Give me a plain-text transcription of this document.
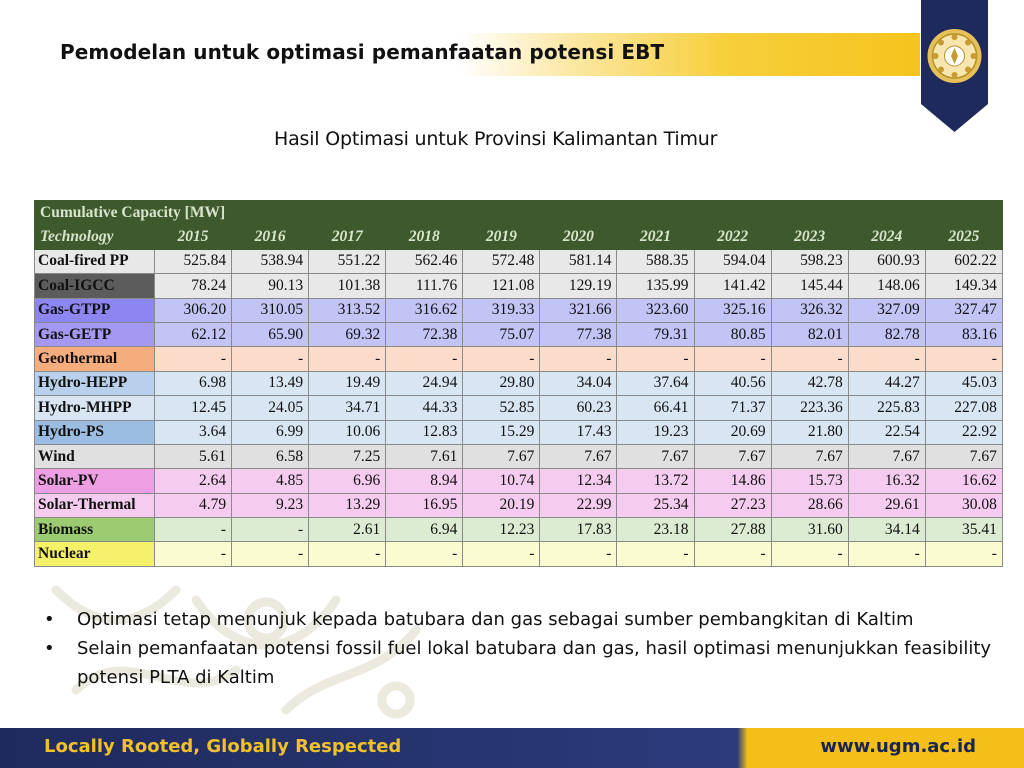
Pemodelan untuk optimasi pemanfaatan potensi EBT
Hasil Optimasi untuk Provinsi Kalimantan Timur
Cumulative Capacity [MW]											
Technology	2015	2016	2017	2018	2019	2020	2021	2022	2023	2024	2025
Coal-fired PP	525.84	538.94	551.22	562.46	572.48	581.14	588.35	594.04	598.23	600.93	602.22
Coal-IGCC	78.24	90.13	101.38	111.76	121.08	129.19	135.99	141.42	145.44	148.06	149.34
Gas-GTPP	306.20	310.05	313.52	316.62	319.33	321.66	323.60	325.16	326.32	327.09	327.47
Gas-GETP	62.12	65.90	69.32	72.38	75.07	77.38	79.31	80.85	82.01	82.78	83.16
Geothermal	-	-	-	-	-	-	-	-	-	-	-
Hydro-HEPP	6.98	13.49	19.49	24.94	29.80	34.04	37.64	40.56	42.78	44.27	45.03
Hydro-MHPP	12.45	24.05	34.71	44.33	52.85	60.23	66.41	71.37	223.36	225.83	227.08
Hydro-PS	3.64	6.99	10.06	12.83	15.29	17.43	19.23	20.69	21.80	22.54	22.92
Wind	5.61	6.58	7.25	7.61	7.67	7.67	7.67	7.67	7.67	7.67	7.67
Solar-PV	2.64	4.85	6.96	8.94	10.74	12.34	13.72	14.86	15.73	16.32	16.62
Solar-Thermal	4.79	9.23	13.29	16.95	20.19	22.99	25.34	27.23	28.66	29.61	30.08
Biomass	-	-	2.61	6.94	12.23	17.83	23.18	27.88	31.60	34.14	35.41
Nuclear	-	-	-	-	-	-	-	-	-	-	-
•	Optimasi tetap menunjuk kepada batubara dan gas sebagai sumber pembangkitan di Kaltim
•	Selain pemanfaatan potensi fossil fuel lokal batubara dan gas, hasil optimasi menunjukkan feasibility potensi PLTA di Kaltim
Locally Rooted, Globally Respected	www.ugm.ac.id
